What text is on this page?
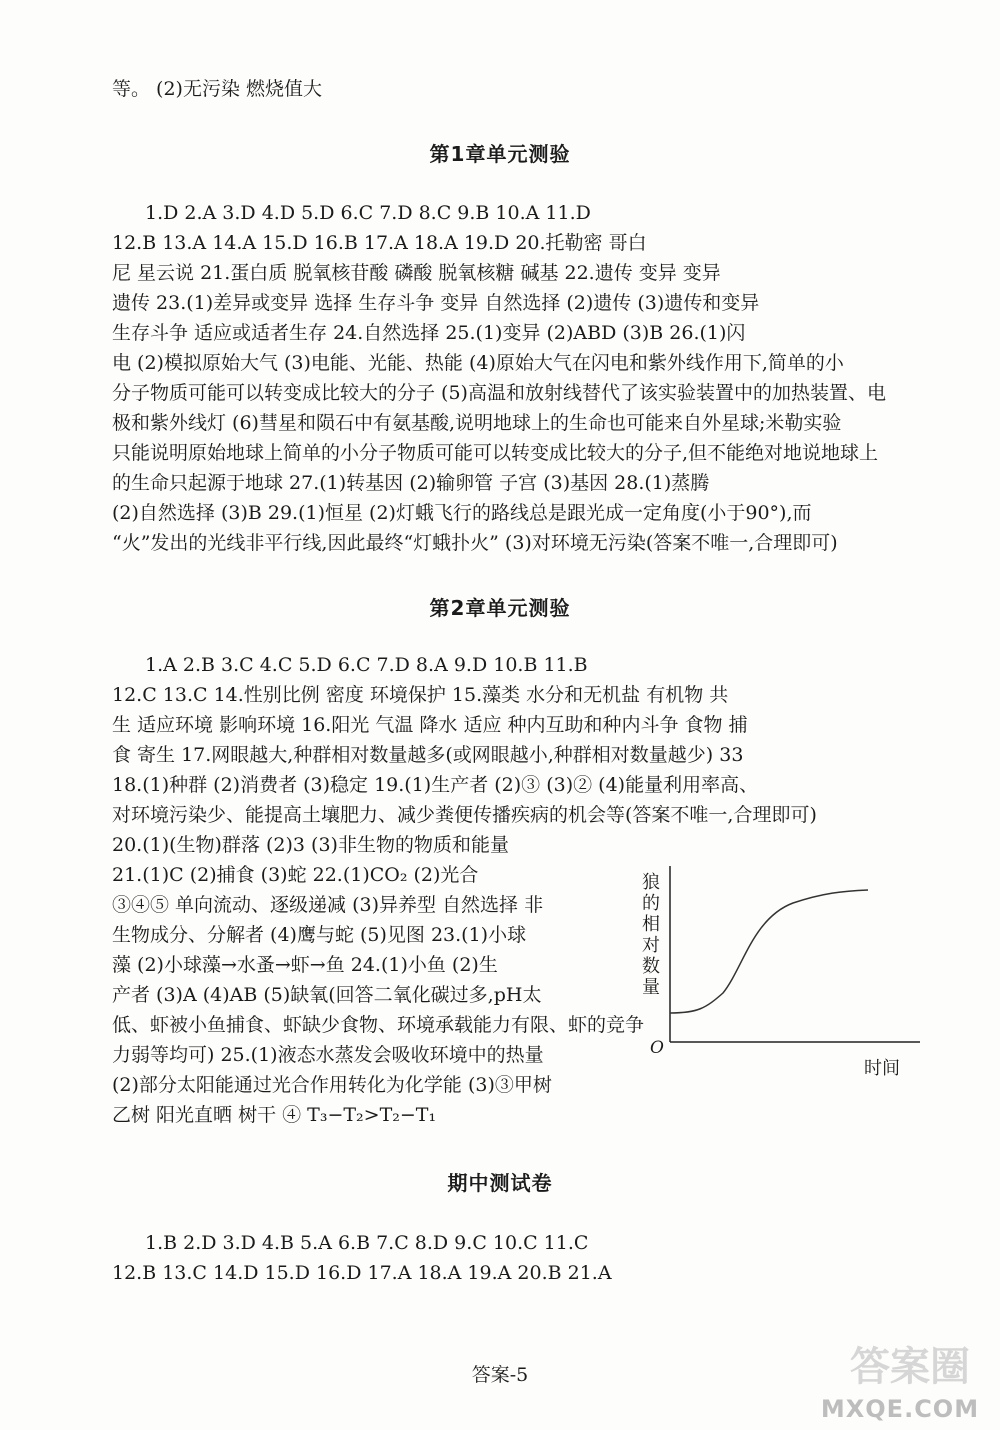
等。 (2)无污染 燃烧值大
第1章单元测验
1.D 2.A 3.D 4.D 5.D 6.C 7.D 8.C 9.B 10.A 11.D
12.B 13.A 14.A 15.D 16.B 17.A 18.A 19.D 20.托勒密 哥白
尼 星云说 21.蛋白质 脱氧核苷酸 磷酸 脱氧核糖 碱基 22.遗传 变异 变异
遗传 23.(1)差异或变异 选择 生存斗争 变异 自然选择 (2)遗传 (3)遗传和变异
生存斗争 适应或适者生存 24.自然选择 25.(1)变异 (2)ABD (3)B 26.(1)闪
电 (2)模拟原始大气 (3)电能、光能、热能 (4)原始大气在闪电和紫外线作用下,简单的小
分子物质可能可以转变成比较大的分子 (5)高温和放射线替代了该实验装置中的加热装置、电
极和紫外线灯 (6)彗星和陨石中有氨基酸,说明地球上的生命也可能来自外星球;米勒实验
只能说明原始地球上简单的小分子物质可能可以转变成比较大的分子,但不能绝对地说地球上
的生命只起源于地球 27.(1)转基因 (2)输卵管 子宫 (3)基因 28.(1)蒸腾
(2)自然选择 (3)B 29.(1)恒星 (2)灯蛾飞行的路线总是跟光成一定角度(小于90°),而
“火”发出的光线非平行线,因此最终“灯蛾扑火” (3)对环境无污染(答案不唯一,合理即可)
第2章单元测验
1.A 2.B 3.C 4.C 5.D 6.C 7.D 8.A 9.D 10.B 11.B
12.C 13.C 14.性别比例 密度 环境保护 15.藻类 水分和无机盐 有机物 共
生 适应环境 影响环境 16.阳光 气温 降水 适应 种内互助和种内斗争 食物 捕
食 寄生 17.网眼越大,种群相对数量越多(或网眼越小,种群相对数量越少) 33
18.(1)种群 (2)消费者 (3)稳定 19.(1)生产者 (2)③ (3)② (4)能量利用率高、
对环境污染少、能提高土壤肥力、减少粪便传播疾病的机会等(答案不唯一,合理即可)
20.(1)(生物)群落 (2)3 (3)非生物的物质和能量
21.(1)C (2)捕食 (3)蛇 22.(1)CO₂ (2)光合
③④⑤ 单向流动、逐级递减 (3)异养型 自然选择 非
生物成分、分解者 (4)鹰与蛇 (5)见图 23.(1)小球
藻 (2)小球藻→水蚤→虾→鱼 24.(1)小鱼 (2)生
产者 (3)A (4)AB (5)缺氧(回答二氧化碳过多,pH太
低、虾被小鱼捕食、虾缺少食物、环境承载能力有限、虾的竞争
力弱等均可) 25.(1)液态水蒸发会吸收环境中的热量
(2)部分太阳能通过光合作用转化为化学能 (3)③甲树
乙树 阳光直晒 树干 ④ T₃−T₂>T₂−T₁
狼的相对数量
O
时间
期中测试卷
1.B 2.D 3.D 4.B 5.A 6.B 7.C 8.D 9.C 10.C 11.C
12.B 13.C 14.D 15.D 16.D 17.A 18.A 19.A 20.B 21.A
答案-5	答案圈
MXQE.COM
